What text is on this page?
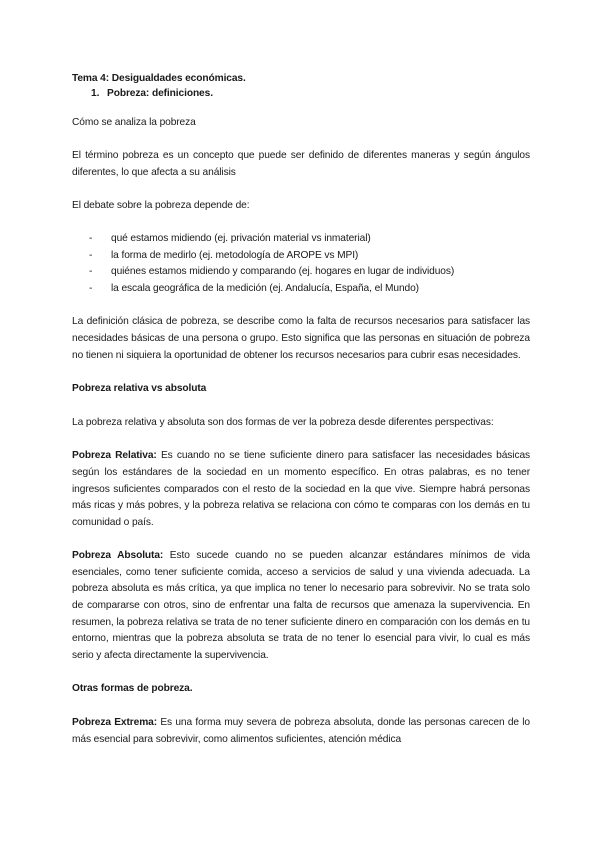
Tema 4: Desigualdades económicas.

1. Pobreza: definiciones.

Cómo se analiza la pobreza

El término pobreza es un concepto que puede ser definido de diferentes maneras y según ángulos diferentes, lo que afecta a su análisis

El debate sobre la pobreza depende de:

-	qué estamos midiendo (ej. privación material vs inmaterial)
-	la forma de medirlo (ej. metodología de AROPE vs MPI)
-	quiénes estamos midiendo y comparando (ej. hogares en lugar de individuos)
-	la escala geográfica de la medición (ej. Andalucía, España, el Mundo)

La definición clásica de pobreza, se describe como la falta de recursos necesarios para satisfacer las necesidades básicas de una persona o grupo. Esto significa que las personas en situación de pobreza no tienen ni siquiera la oportunidad de obtener los recursos necesarios para cubrir esas necesidades.

Pobreza relativa vs absoluta

La pobreza relativa y absoluta son dos formas de ver la pobreza desde diferentes perspectivas:

Pobreza Relativa: Es cuando no se tiene suficiente dinero para satisfacer las necesidades básicas según los estándares de la sociedad en un momento específico. En otras palabras, es no tener ingresos suficientes comparados con el resto de la sociedad en la que vive. Siempre habrá personas más ricas y más pobres, y la pobreza relativa se relaciona con cómo te comparas con los demás en tu comunidad o país.

Pobreza Absoluta: Esto sucede cuando no se pueden alcanzar estándares mínimos de vida esenciales, como tener suficiente comida, acceso a servicios de salud y una vivienda adecuada. La pobreza absoluta es más crítica, ya que implica no tener lo necesario para sobrevivir. No se trata solo de compararse con otros, sino de enfrentar una falta de recursos que amenaza la supervivencia. En resumen, la pobreza relativa se trata de no tener suficiente dinero en comparación con los demás en tu entorno, mientras que la pobreza absoluta se trata de no tener lo esencial para vivir, lo cual es más serio y afecta directamente la supervivencia.

Otras formas de pobreza.

Pobreza Extrema: Es una forma muy severa de pobreza absoluta, donde las personas carecen de lo más esencial para sobrevivir, como alimentos suficientes, atención médica
